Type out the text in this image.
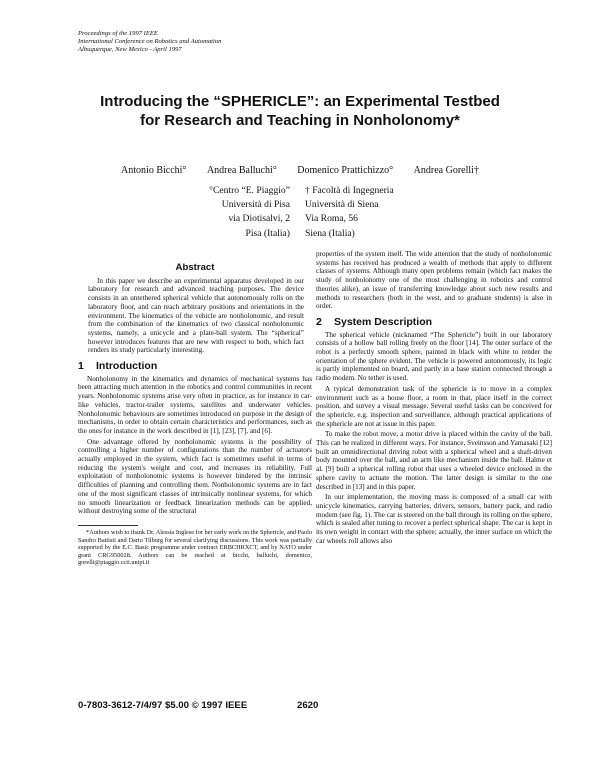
Proceedings of the 1997 IEEE
International Conference on Robotics and Automation
Albuquerque, New Mexico - April 1997
Introducing the “SPHERICLE”: an Experimental Testbed
for Research and Teaching in Nonholonomy*
Antonio Bicchi° Andrea Balluchi° Domenico Prattichizzo° Andrea Gorelli†
°Centro “E. Piaggio”
Università di Pisa
via Diotisalvi, 2
Pisa (Italia)
† Facoltà di Ingegneria
Università di Siena
Via Roma, 56
Siena (Italia)
Abstract

In this paper we describe an experimental apparatus developed in our laboratory for research and advanced teaching purposes. The device consists in an untethered spherical vehicle that autonomously rolls on the laboratory floor, and can reach arbitrary positions and orientations in the environment. The kinematics of the vehicle are nonholonomic, and result from the combination of the kinematics of two classical nonholonomic systems, namely, a unicycle and a plate-ball system. The “spherical” however introduces features that are new with respect to both, which fact renders its study particularly interesting.

1 Introduction

Nonholonomy in the kinematics and dynamics of mechanical systems has been attracting much attention in the robotics and control communities in recent years. Nonholonomic systems arise very often in practice, as for instance in car-like vehicles, tractor-trailer systems, satellites and underwater vehicles. Nonholonomic behaviours are sometimes introduced on purpose in the design of mechanisms, in order to obtain certain characteristics and performances, such as the ones for instance in the work described in [1], [23], [7], and [6].

One advantage offered by nonholonomic systems is the possibility of controlling a higher number of configurations than the number of actuators actually employed in the system, which fact is sometimes useful in terms of reducing the system's weight and cost, and increases its reliability. Full exploitation of nonholonomic systems is however hindered by the intrinsic difficulties of planning and controlling them. Nonholonomic systems are in fact one of the most significant classes of intrinsically nonlinear systems, for which no smooth linearization or feedback linearization methods can be applied, without destroying some of the structural

*Authors wish to thank Dr. Alessia Inglese for her early work on the Sphericle, and Paolo Sandro Battisti and Dario Tilburg for several clarifying discussions. This work was partially supported by the E.C. Basic programme under contract ERBCHRXCT, and by NATO under grant CRG950028. Authors can be reached at bicchi, balluchi, domenico, gorelli@piaggio.ccii.unipi.it

properties of the system itself. The wide attention that the study of nonholonomic systems has received has produced a wealth of methods that apply to different classes of systems. Although many open problems remain (which fact makes the study of nonholonomy one of the most challenging in robotics and control theories alike), an issue of transferring knowledge about such new results and methods to researchers (both in the west, and to graduate students) is also in order.

2 System Description

The spherical vehicle (nicknamed “The Sphericle”) built in our laboratory consists of a hollow ball rolling freely on the floor [14]. The outer surface of the robot is a perfectly smooth sphere, painted in black with white to render the orientation of the sphere evident. The vehicle is powered autonomously, its logic is partly implemented on board, and partly in a base station connected through a radio modem. No tether is used.

A typical demonstration task of the sphericle is to move in a complex environment such as a house floor, a room in that, place itself in the correct position, and survey a visual message. Several useful tasks can be conceived for the sphericle, e.g. inspection and surveillance, although practical applications of the sphericle are not at issue in this paper.

To make the robot move, a motor drive is placed within the cavity of the ball. This can be realized in different ways. For instance, Sveinsson and Yamasaki [12] built an omnidirectional driving robot with a spherical wheel and a shaft-driven body mounted over the ball, and an arm like mechanism inside the ball. Halme et al. [9] built a spherical rolling robot that uses a wheeled device enclosed in the sphere cavity to actuate the motion. The latter design is similar to the one described in [13] and in this paper.

In our implementation, the moving mass is composed of a small car with unicycle kinematics, carrying batteries, drivers, sensors, battery pack, and radio modem (see fig. 1). The car is steered on the ball through its rolling on the sphere, which is sealed after tuning to recover a perfect spherical shape. The car is kept in its own weight in contact with the sphere; actually, the inner surface on which the car wheels roll allows also

0-7803-3612-7/4/97 $5.00 © 1997 IEEE	2620
